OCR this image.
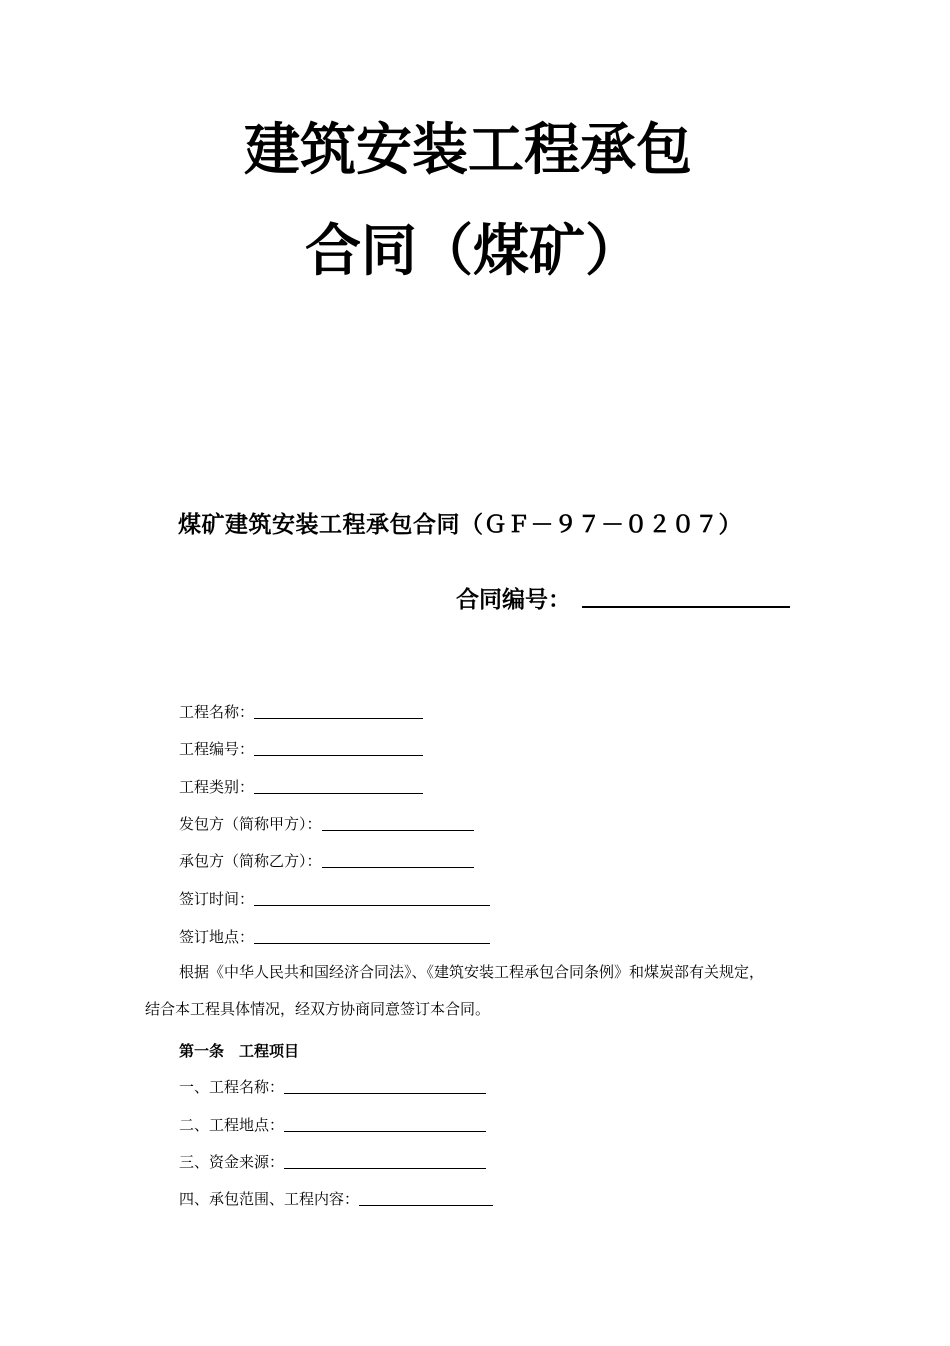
建筑安装工程承包
合同（煤矿）
煤矿建筑安装工程承包合同（ＧＦ－９７－０２０７）
合同编号：
工程名称：
工程编号：
工程类别：
发包方（简称甲方）：
承包方（简称乙方）：
签订时间：
签订地点：
根据《中华人民共和国经济合同法》、《建筑安装工程承包合同条例》和煤炭部有关规定，
结合本工程具体情况，经双方协商同意签订本合同。
第一条　工程项目
一、工程名称：
二、工程地点：
三、资金来源：
四、承包范围、工程内容：
